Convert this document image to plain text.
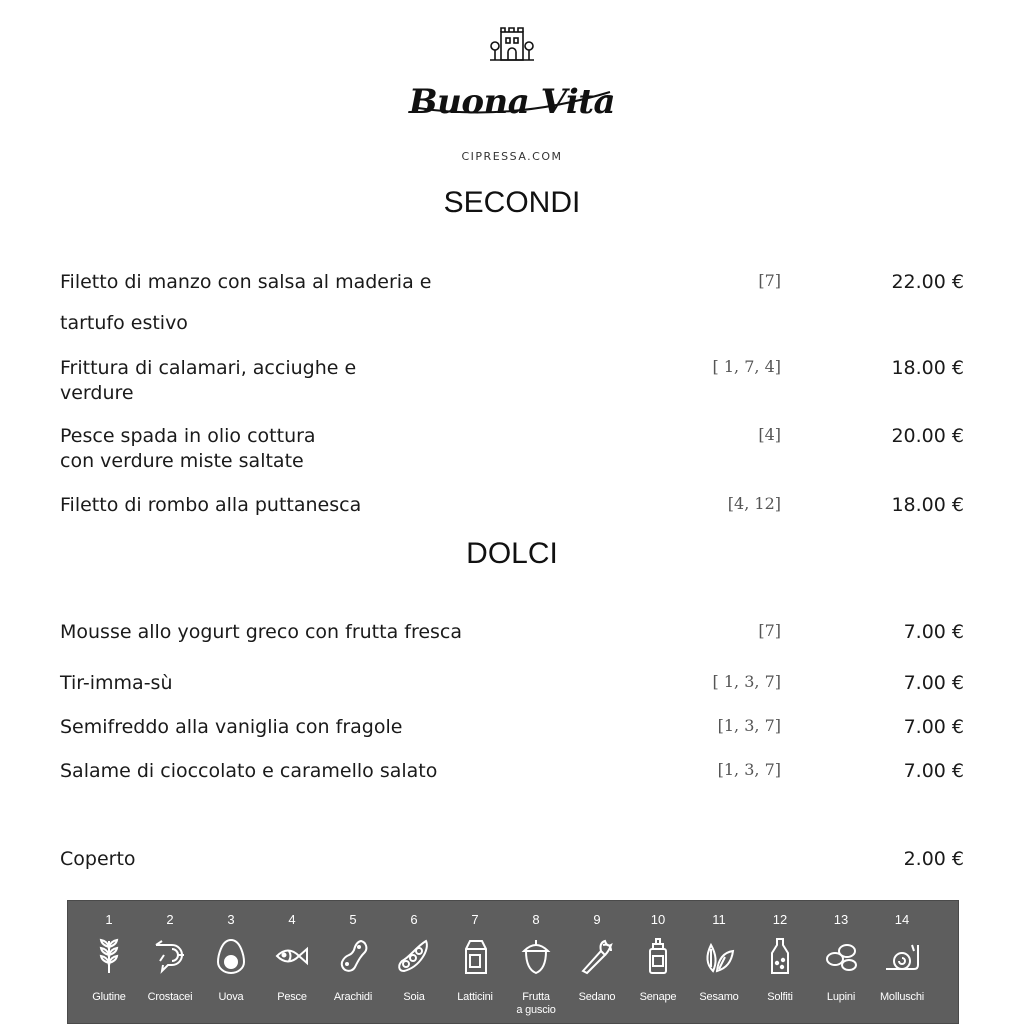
Buona Vita
CIPRESSA.COM
SECONDI
Filetto di manzo con salsa al maderia e
tartufo estivo
[7]	22.00 €
Frittura di calamari, acciughe e
verdure
[ 1, 7, 4]	18.00 €
Pesce spada in olio cottura
con verdure miste saltate
[4]	20.00 €
Filetto di rombo alla puttanesca	[4, 12]	18.00 €
DOLCI
Mousse allo yogurt greco con frutta fresca	[7]	7.00 €
Tir-imma-sù	[ 1, 3, 7]	7.00 €
Semifreddo alla vaniglia con fragole	[1, 3, 7]	7.00 €
Salame di cioccolato e caramello salato	[1, 3, 7]	7.00 €
Coperto	2.00 €
1
Glutine
2
Crostacei
3
Uova
4
Pesce
5
Arachidi
6
Soia
7
Latticini
8
Frutta
a guscio
9
Sedano
10
Senape
11
Sesamo
12
Solfiti
13
Lupini
14
Molluschi
